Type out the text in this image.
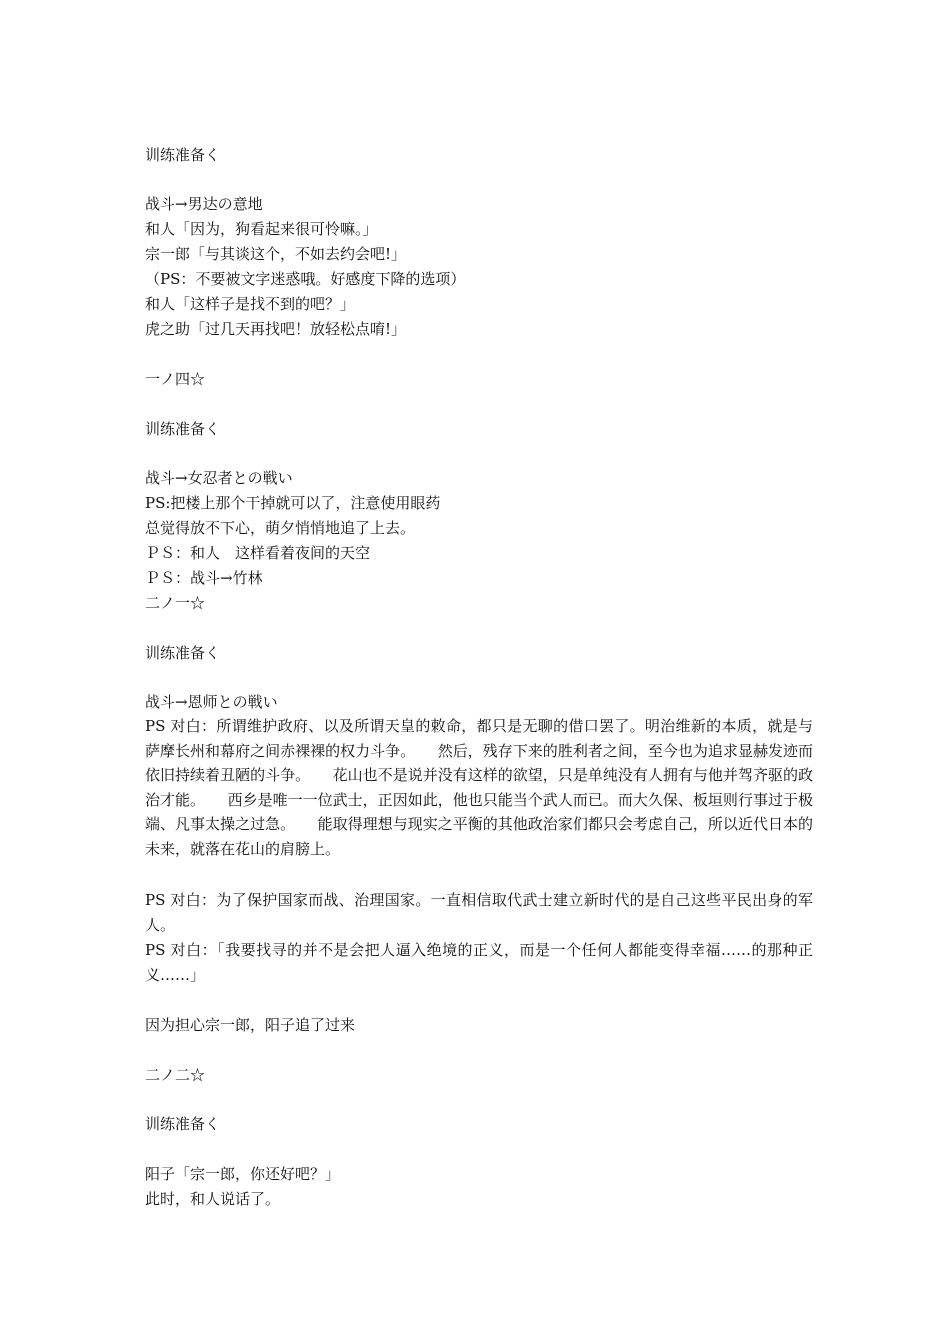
训练准备く
战斗→男达の意地
和人「因为，狗看起来很可怜嘛。」
宗一郎「与其谈这个，不如去约会吧!」
（PS：不要被文字迷惑哦。好感度下降的选项）
和人「这样子是找不到的吧？」
虎之助「过几天再找吧！放轻松点唷!」
一ノ四☆
训练准备く
战斗→女忍者との戦い
PS:把楼上那个干掉就可以了，注意使用眼药
总觉得放不下心，萌夕悄悄地追了上去。
ＰＳ：和人　这样看着夜间的天空
ＰＳ：战斗→竹林
二ノ一☆
训练准备く
战斗→恩师との戦い
PS 对白：所谓维护政府、以及所谓天皇的敕命，都只是无聊的借口罢了。明治维新的本质，就是与萨摩长州和幕府之间赤裸裸的权力斗争。　　然后，残存下来的胜利者之间，至今也为追求显赫发迹而依旧持续着丑陋的斗争。　　花山也不是说并没有这样的欲望，只是单纯没有人拥有与他并驾齐驱的政治才能。　　西乡是唯一一位武士，正因如此，他也只能当个武人而已。而大久保、板垣则行事过于极端、凡事太操之过急。　　能取得理想与现实之平衡的其他政治家们都只会考虑自己，所以近代日本的未来，就落在花山的肩膀上。
PS 对白：为了保护国家而战、治理国家。一直相信取代武士建立新时代的是自己这些平民出身的军人。
PS 对白：「我要找寻的并不是会把人逼入绝境的正义，而是一个任何人都能变得幸福……的那种正义……」
因为担心宗一郎，阳子追了过来
二ノ二☆
训练准备く
阳子「宗一郎，你还好吧？」
此时，和人说话了。
